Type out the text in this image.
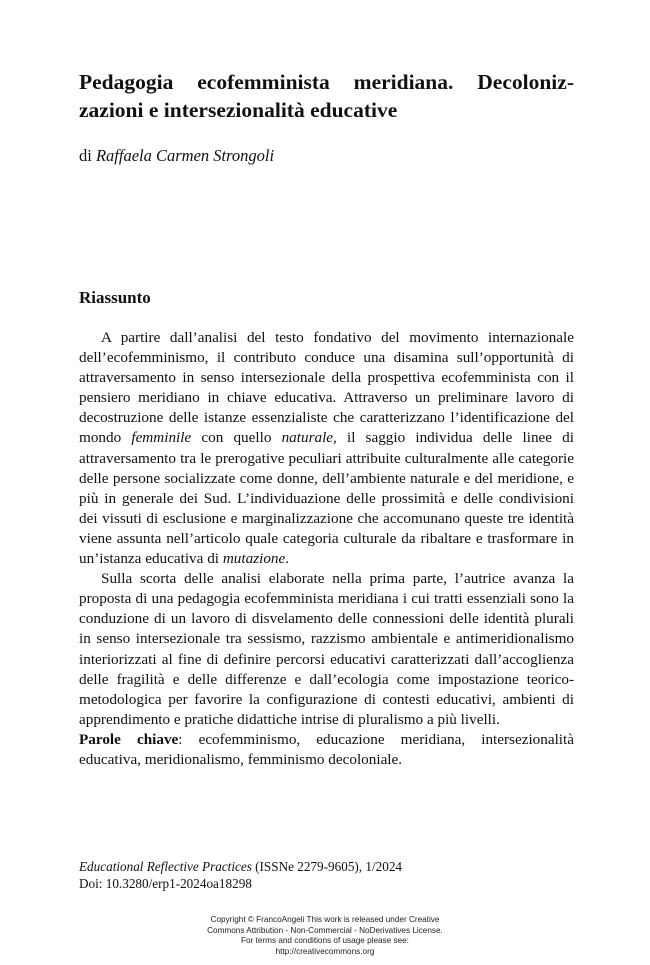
Pedagogia ecofemminista meridiana. Decoloniz-
zazioni e intersezionalità educative
di Raffaela Carmen Strongoli
Riassunto

A partire dall’analisi del testo fondativo del movimento internazionale dell’ecofemminismo, il contributo conduce una disamina sull’opportunità di attraversamento in senso intersezionale della prospettiva ecofemminista con il pensiero meridiano in chiave educativa. Attraverso un preliminare lavoro di decostruzione delle istanze essenzialiste che caratterizzano l’identificazione del mondo femminile con quello naturale, il saggio individua delle linee di attraversamento tra le prerogative peculiari attribuite culturalmente alle categorie delle persone socializzate come donne, dell’ambiente naturale e del meridione, e più in generale dei Sud. L’individuazione delle prossimità e delle condivisioni dei vissuti di esclusione e marginalizzazione che accomunano queste tre identità viene assunta nell’articolo quale categoria culturale da ribaltare e trasformare in un’istanza educativa di mutazione.

Sulla scorta delle analisi elaborate nella prima parte, l’autrice avanza la proposta di una pedagogia ecofemminista meridiana i cui tratti essenziali sono la conduzione di un lavoro di disvelamento delle connessioni delle identità plurali in senso intersezionale tra sessismo, razzismo ambientale e antimeridionalismo interiorizzati al fine di definire percorsi educativi caratterizzati dall’accoglienza delle fragilità e delle differenze e dall’ecologia come impostazione teorico-metodologica per favorire la configurazione di contesti educativi, ambienti di apprendimento e pratiche didattiche intrise di pluralismo a più livelli.

Parole chiave: ecofemminismo, educazione meridiana, intersezionalità educativa, meridionalismo, femminismo decoloniale.

Educational Reflective Practices (ISSNe 2279-9605), 1/2024
Doi: 10.3280/erp1-2024oa18298
Copyright © FrancoAngeli This work is released under Creative
Commons Attribution - Non-Commercial - NoDerivatives License.
For terms and conditions of usage please see:
http://creativecommons.org
